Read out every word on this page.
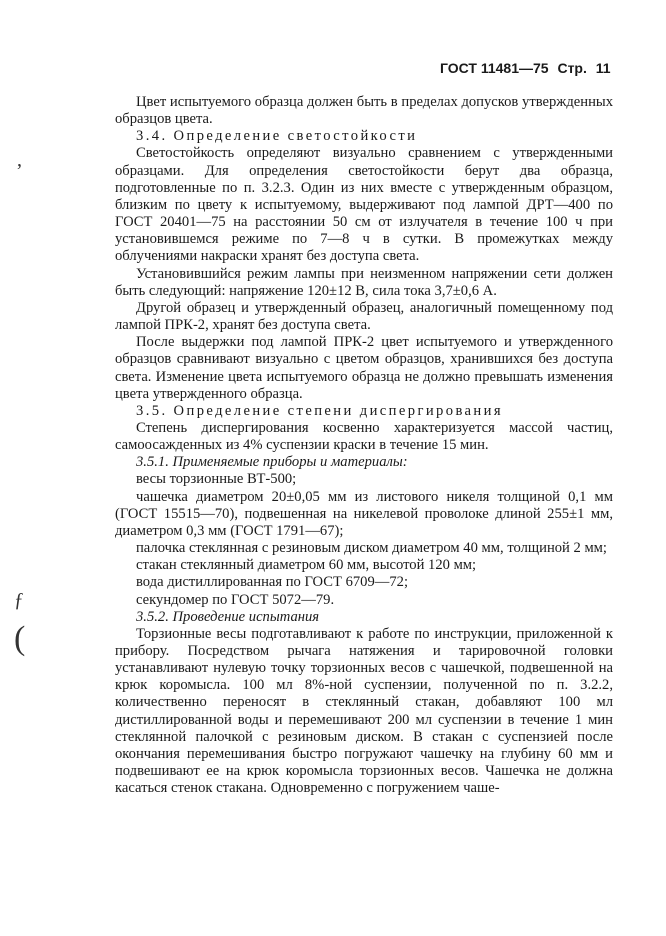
ГОСТ 11481—75 Стр. 11
‚
ƒ
(

Цвет испытуемого образца должен быть в пределах допусков утвержденных образцов цвета.

3.4. Определение светостойкости

Светостойкость определяют визуально сравнением с утвержденными образцами. Для определения светостойкости берут два образца, подготовленные по п. 3.2.3. Один из них вместе с утвержденным образцом, близким по цвету к испытуемому, выдерживают под лампой ДРТ—400 по ГОСТ 20401—75 на расстоянии 50 см от излучателя в течение 100 ч при установившемся режиме по 7—8 ч в сутки. В промежутках между облучениями накраски хранят без доступа света.

Установившийся режим лампы при неизменном напряжении сети должен быть следующий: напряжение 120±12 В, сила тока 3,7±0,6 А.

Другой образец и утвержденный образец, аналогичный помещенному под лампой ПРК-2, хранят без доступа света.

После выдержки под лампой ПРК-2 цвет испытуемого и утвержденного образцов сравнивают визуально с цветом образцов, хранившихся без доступа света. Изменение цвета испытуемого образца не должно превышать изменения цвета утвержденного образца.

3.5. Определение степени диспергирования

Степень диспергирования косвенно характеризуется массой частиц, самоосажденных из 4% суспензии краски в течение 15 мин.

3.5.1. Применяемые приборы и материалы:

весы торзионные ВТ-500;

чашечка диаметром 20±0,05 мм из листового никеля толщиной 0,1 мм (ГОСТ 15515—70), подвешенная на никелевой проволоке длиной 255±1 мм, диаметром 0,3 мм (ГОСТ 1791—67);

палочка стеклянная с резиновым диском диаметром 40 мм, толщиной 2 мм;

стакан стеклянный диаметром 60 мм, высотой 120 мм;

вода дистиллированная по ГОСТ 6709—72;

секундомер по ГОСТ 5072—79.

3.5.2. Проведение испытания

Торзионные весы подготавливают к работе по инструкции, приложенной к прибору. Посредством рычага натяжения и тарировочной головки устанавливают нулевую точку торзионных весов с чашечкой, подвешенной на крюк коромысла. 100 мл 8%-ной суспензии, полученной по п. 3.2.2, количественно переносят в стеклянный стакан, добавляют 100 мл дистиллированной воды и перемешивают 200 мл суспензии в течение 1 мин стеклянной палочкой с резиновым диском. В стакан с суспензией после окончания перемешивания быстро погружают чашечку на глубину 60 мм и подвешивают ее на крюк коромысла торзионных весов. Чашечка не должна касаться стенок стакана. Одновременно с погружением чаше-
